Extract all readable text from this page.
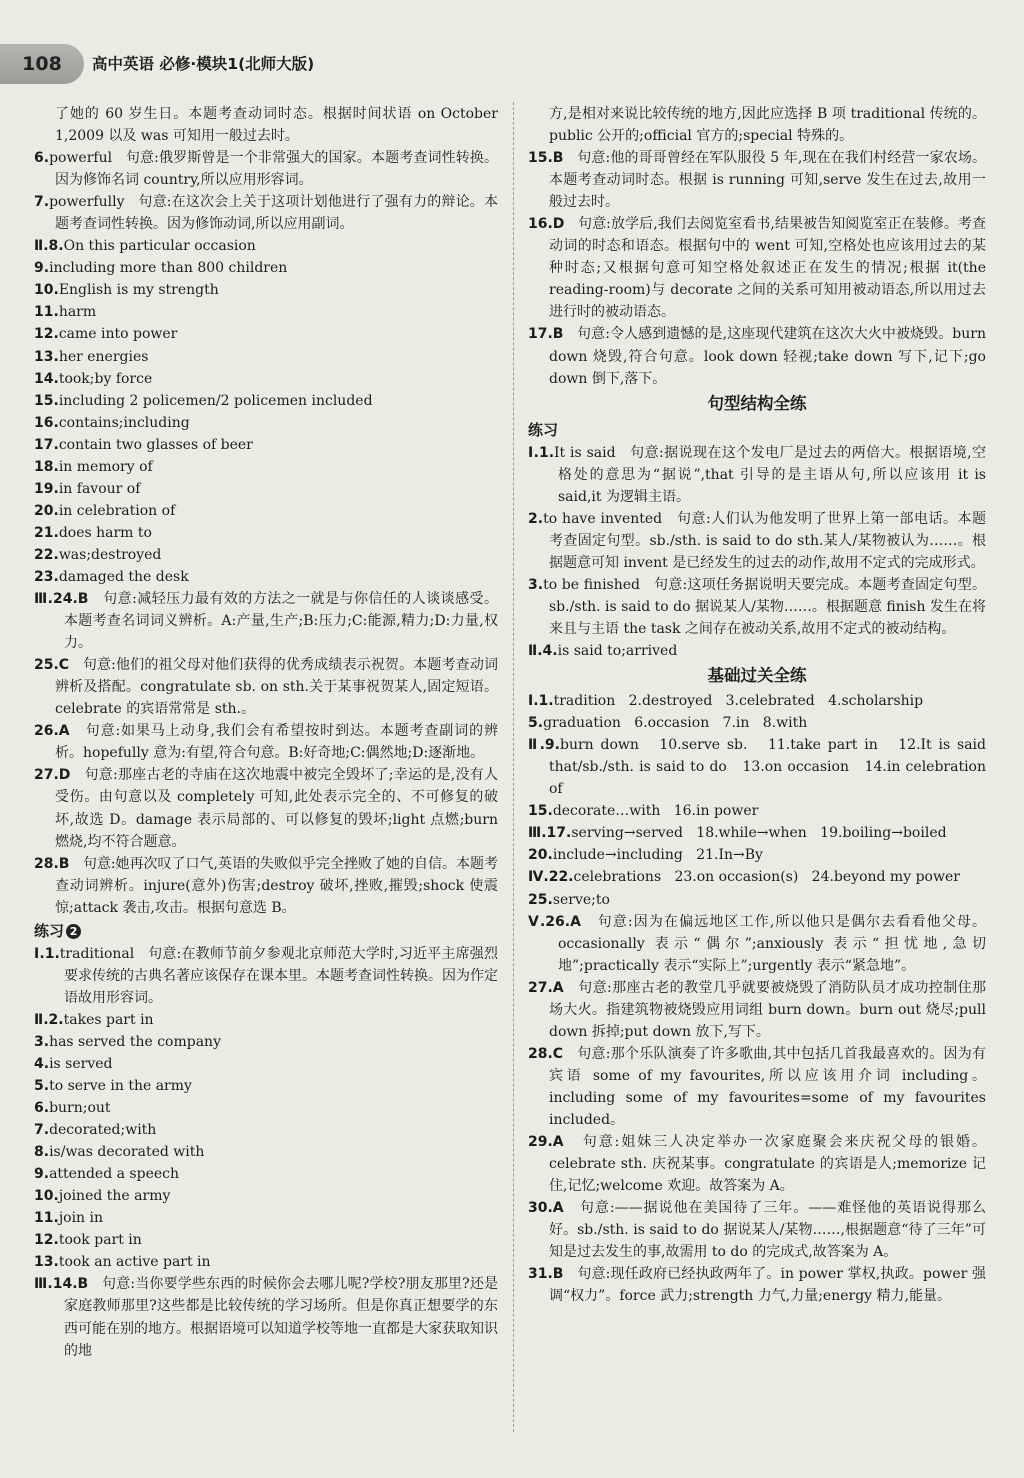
108	高中英语 必修·模块1(北师大版)
了她的 60 岁生日。本题考查动词时态。根据时间状语 on October 1,2009 以及 was 可知用一般过去时。
6.powerful   句意:俄罗斯曾是一个非常强大的国家。本题考查词性转换。因为修饰名词 country,所以应用形容词。
7.powerfully   句意:在这次会上关于这项计划他进行了强有力的辩论。本题考查词性转换。因为修饰动词,所以应用副词。
Ⅱ.8.On this particular occasion
9.including more than 800 children
10.English is my strength
11.harm
12.came into power
13.her energies
14.took;by force
15.including 2 policemen/2 policemen included
16.contains;including
17.contain two glasses of beer
18.in memory of
19.in favour of
20.in celebration of
21.does harm to
22.was;destroyed
23.damaged the desk
Ⅲ.24.B   句意:减轻压力最有效的方法之一就是与你信任的人谈谈感受。本题考查名词词义辨析。A:产量,生产;B:压力;C:能源,精力;D:力量,权力。
25.C   句意:他们的祖父母对他们获得的优秀成绩表示祝贺。本题考查动词辨析及搭配。congratulate sb. on sth.关于某事祝贺某人,固定短语。celebrate 的宾语常常是 sth.。
26.A   句意:如果马上动身,我们会有希望按时到达。本题考查副词的辨析。hopefully 意为:有望,符合句意。B:好奇地;C:偶然地;D:逐渐地。
27.D   句意:那座古老的寺庙在这次地震中被完全毁坏了;幸运的是,没有人受伤。由句意以及 completely 可知,此处表示完全的、不可修复的破坏,故选 D。damage 表示局部的、可以修复的毁坏;light 点燃;burn 燃烧,均不符合题意。
28.B   句意:她再次叹了口气,英语的失败似乎完全挫败了她的自信。本题考查动词辨析。injure(意外)伤害;destroy 破坏,挫败,摧毁;shock 使震惊;attack 袭击,攻击。根据句意选 B。
练习 2
Ⅰ.1.traditional   句意:在教师节前夕参观北京师范大学时,习近平主席强烈要求传统的古典名著应该保存在课本里。本题考查词性转换。因为作定语故用形容词。
Ⅱ.2.takes part in
3.has served the company
4.is served
5.to serve in the army
6.burn;out
7.decorated;with
8.is/was decorated with
9.attended a speech
10.joined the army
11.join in
12.took part in
13.took an active part in
Ⅲ.14.B   句意:当你要学些东西的时候你会去哪儿呢?学校?朋友那里?还是家庭教师那里?这些都是比较传统的学习场所。但是你真正想要学的东西可能在别的地方。根据语境可以知道学校等地一直都是大家获取知识的地
方,是相对来说比较传统的地方,因此应选择 B 项 traditional 传统的。public 公开的;official 官方的;special 特殊的。
15.B   句意:他的哥哥曾经在军队服役 5 年,现在在我们村经营一家农场。本题考查动词时态。根据 is running 可知,serve 发生在过去,故用一般过去时。
16.D   句意:放学后,我们去阅览室看书,结果被告知阅览室正在装修。考查动词的时态和语态。根据句中的 went 可知,空格处也应该用过去的某种时态;又根据句意可知空格处叙述正在发生的情况;根据 it(the reading-room)与 decorate 之间的关系可知用被动语态,所以用过去进行时的被动语态。
17.B   句意:令人感到遗憾的是,这座现代建筑在这次大火中被烧毁。burn down 烧毁,符合句意。look down 轻视;take down 写下,记下;go down 倒下,落下。
句型结构全练
练习
Ⅰ.1.It is said   句意:据说现在这个发电厂是过去的两倍大。根据语境,空格处的意思为“据说”,that 引导的是主语从句,所以应该用 it is said,it 为逻辑主语。
2.to have invented   句意:人们认为他发明了世界上第一部电话。本题考查固定句型。sb./sth. is said to do sth.某人/某物被认为……。根据题意可知 invent 是已经发生的过去的动作,故用不定式的完成形式。
3.to be finished   句意:这项任务据说明天要完成。本题考查固定句型。sb./sth. is said to do 据说某人/某物……。根据题意 finish 发生在将来且与主语 the task 之间存在被动关系,故用不定式的被动结构。
Ⅱ.4.is said to;arrived
基础过关全练
Ⅰ.1.tradition   2.destroyed   3.celebrated   4.scholarship
5.graduation   6.occasion   7.in   8.with
Ⅱ.9.burn down   10.serve sb.   11.take part in   12.It is said that/sb./sth. is said to do   13.on occasion   14.in celebration of
15.decorate…with   16.in power
Ⅲ.17.serving→served   18.while→when   19.boiling→boiled
20.include→including   21.In→By
Ⅳ.22.celebrations   23.on occasion(s)   24.beyond my power
25.serve;to
Ⅴ.26.A   句意:因为在偏远地区工作,所以他只是偶尔去看看他父母。occasionally 表示“偶尔”;anxiously 表示“担忧地,急切地”;practically 表示“实际上”;urgently 表示“紧急地”。
27.A   句意:那座古老的教堂几乎就要被烧毁了消防队员才成功控制住那场大火。指建筑物被烧毁应用词组 burn down。burn out 烧尽;pull down 拆掉;put down 放下,写下。
28.C   句意:那个乐队演奏了许多歌曲,其中包括几首我最喜欢的。因为有宾语 some of my favourites,所以应该用介词 including。including some of my favourites=some of my favourites included。
29.A   句意:姐妹三人决定举办一次家庭聚会来庆祝父母的银婚。celebrate sth. 庆祝某事。congratulate 的宾语是人;memorize 记住,记忆;welcome 欢迎。故答案为 A。
30.A   句意:——据说他在美国待了三年。——难怪他的英语说得那么好。sb./sth. is said to do 据说某人/某物……,根据题意“待了三年”可知是过去发生的事,故需用 to do 的完成式,故答案为 A。
31.B   句意:现任政府已经执政两年了。in power 掌权,执政。power 强调“权力”。force 武力;strength 力气,力量;energy 精力,能量。
